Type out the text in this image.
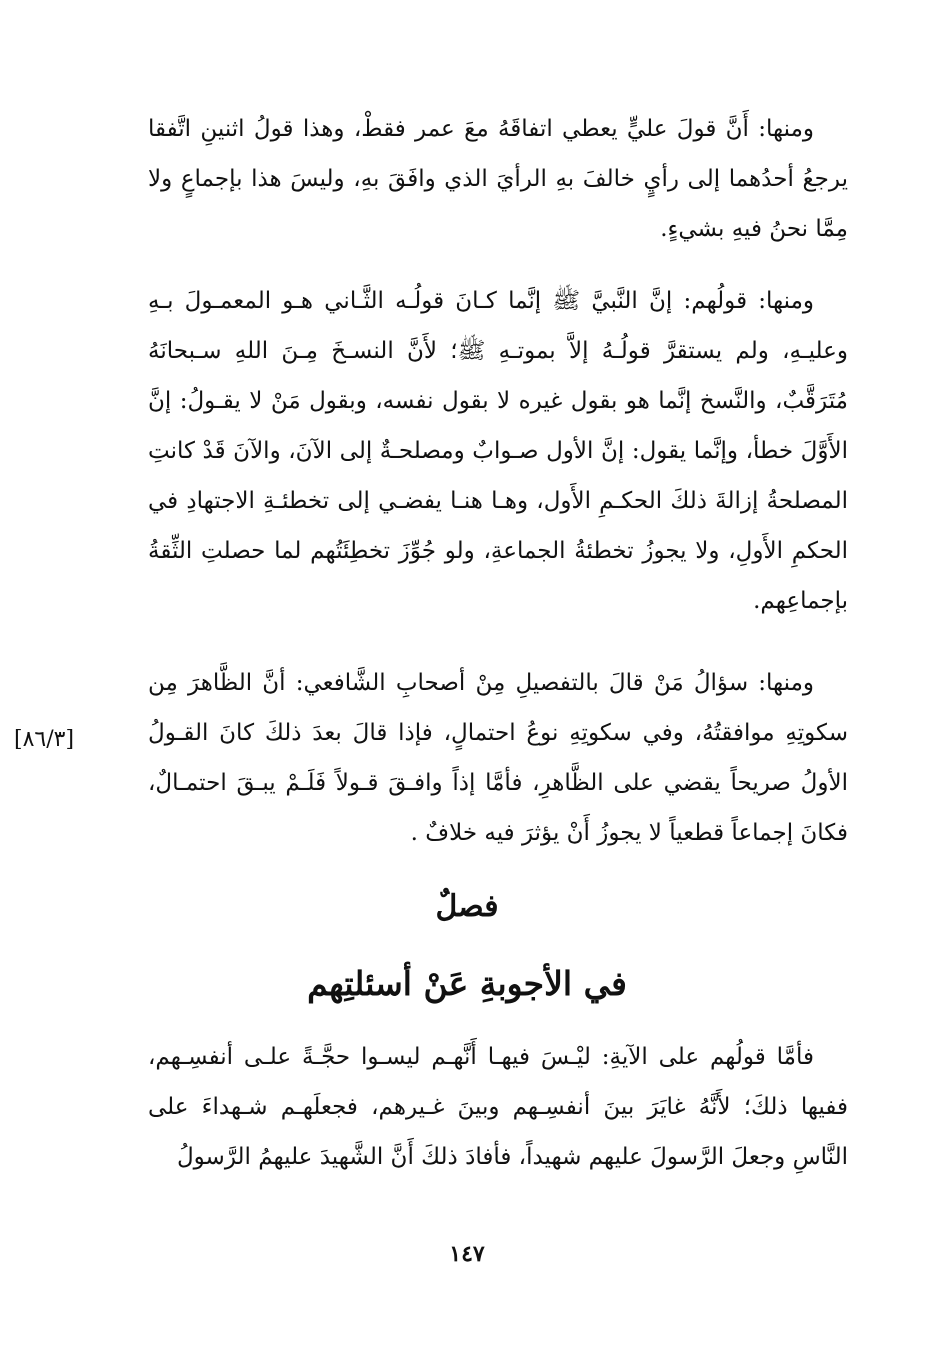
ومنها: أَنَّ قولَ عليٍّ يعطي اتفاقَهُ معَ عمر فقطْ، وهذا قولُ اثنينِ اتَّفقا يرجعُ أحدُهما إلى رأيٍ خالفَ بهِ الرأيَ الذي وافَقَ بهِ، وليسَ هذا بإجماعٍ ولا مِمَّا نحنُ فيهِ بشيءٍ.

ومنها: قولُهم: إنَّ النَّبيَّ ﷺ إنَّما كـانَ قولُـه الثَّـاني هـو المعمـولَ بـهِ وعليـهِ، ولم يستقرَّ قولُـهُ إلاَّ بموتـهِ ﷺ؛ لأَنَّ النسـخَ مِـنَ اللهِ سـبحانَهُ مُتَرَقَّبٌ، والنَّسخ إنَّما هو بقول غيره لا بقول نفسه، وبقول مَنْ لا يقـولُ: إنَّ الأَوَّلَ خطأ، وإنَّما يقول: إنَّ الأول صـوابٌ ومصلحـةٌ إلى الآنَ، والآنَ قَدْ كانتِ المصلحةُ إزالةَ ذلكَ الحكـمِ الأَول، وهـا هنـا يفضـي إلى تخطئـةِ الاجتهادِ في الحكمِ الأَولِ، ولا يجوزُ تخطئةُ الجماعةِ، ولو جُوِّزَ تخطِئَتُهم لما حصلتِ الثِّقةُ بإجماعِهم.

ومنها: سؤالُ مَنْ قالَ بالتفصيلِ مِنْ أصحابِ الشَّافعي: أنَّ الظَّاهرَ مِن سكوتِهِ موافقتُهُ، وفي سكوتِهِ نوعُ احتمالٍ، فإذا قالَ بعدَ ذلكَ كانَ القـولُ الأولُ صريحاً يقضي على الظَّاهرِ، فأمَّا إذاً وافـقَ قـولاً فَلَـمْ يبـقَ احتمـالٌ، فكانَ إجماعاً قطعياً لا يجوزُ أَنْ يؤثرَ فيه خلافٌ .

[٨٦/٣]
فصلٌ
في الأجوبةِ عَنْ أسئلتِهم

فأمَّا قولُهم على الآيةِ: ليْـسَ فيهـا أَنَّهـم ليسـوا حجَّـةً علـى أنفسِـهم، ففيها ذلكَ؛ لأَنَّهُ غايَرَ بينَ أنفسِـهم وبينَ غـيرهم، فجعلَهـم شـهداءَ على النَّاسِ وجعلَ الرَّسولَ عليهم شهيداً، فأفادَ ذلكَ أَنَّ الشَّهيدَ عليهمُ الرَّسولُ

١٤٧
